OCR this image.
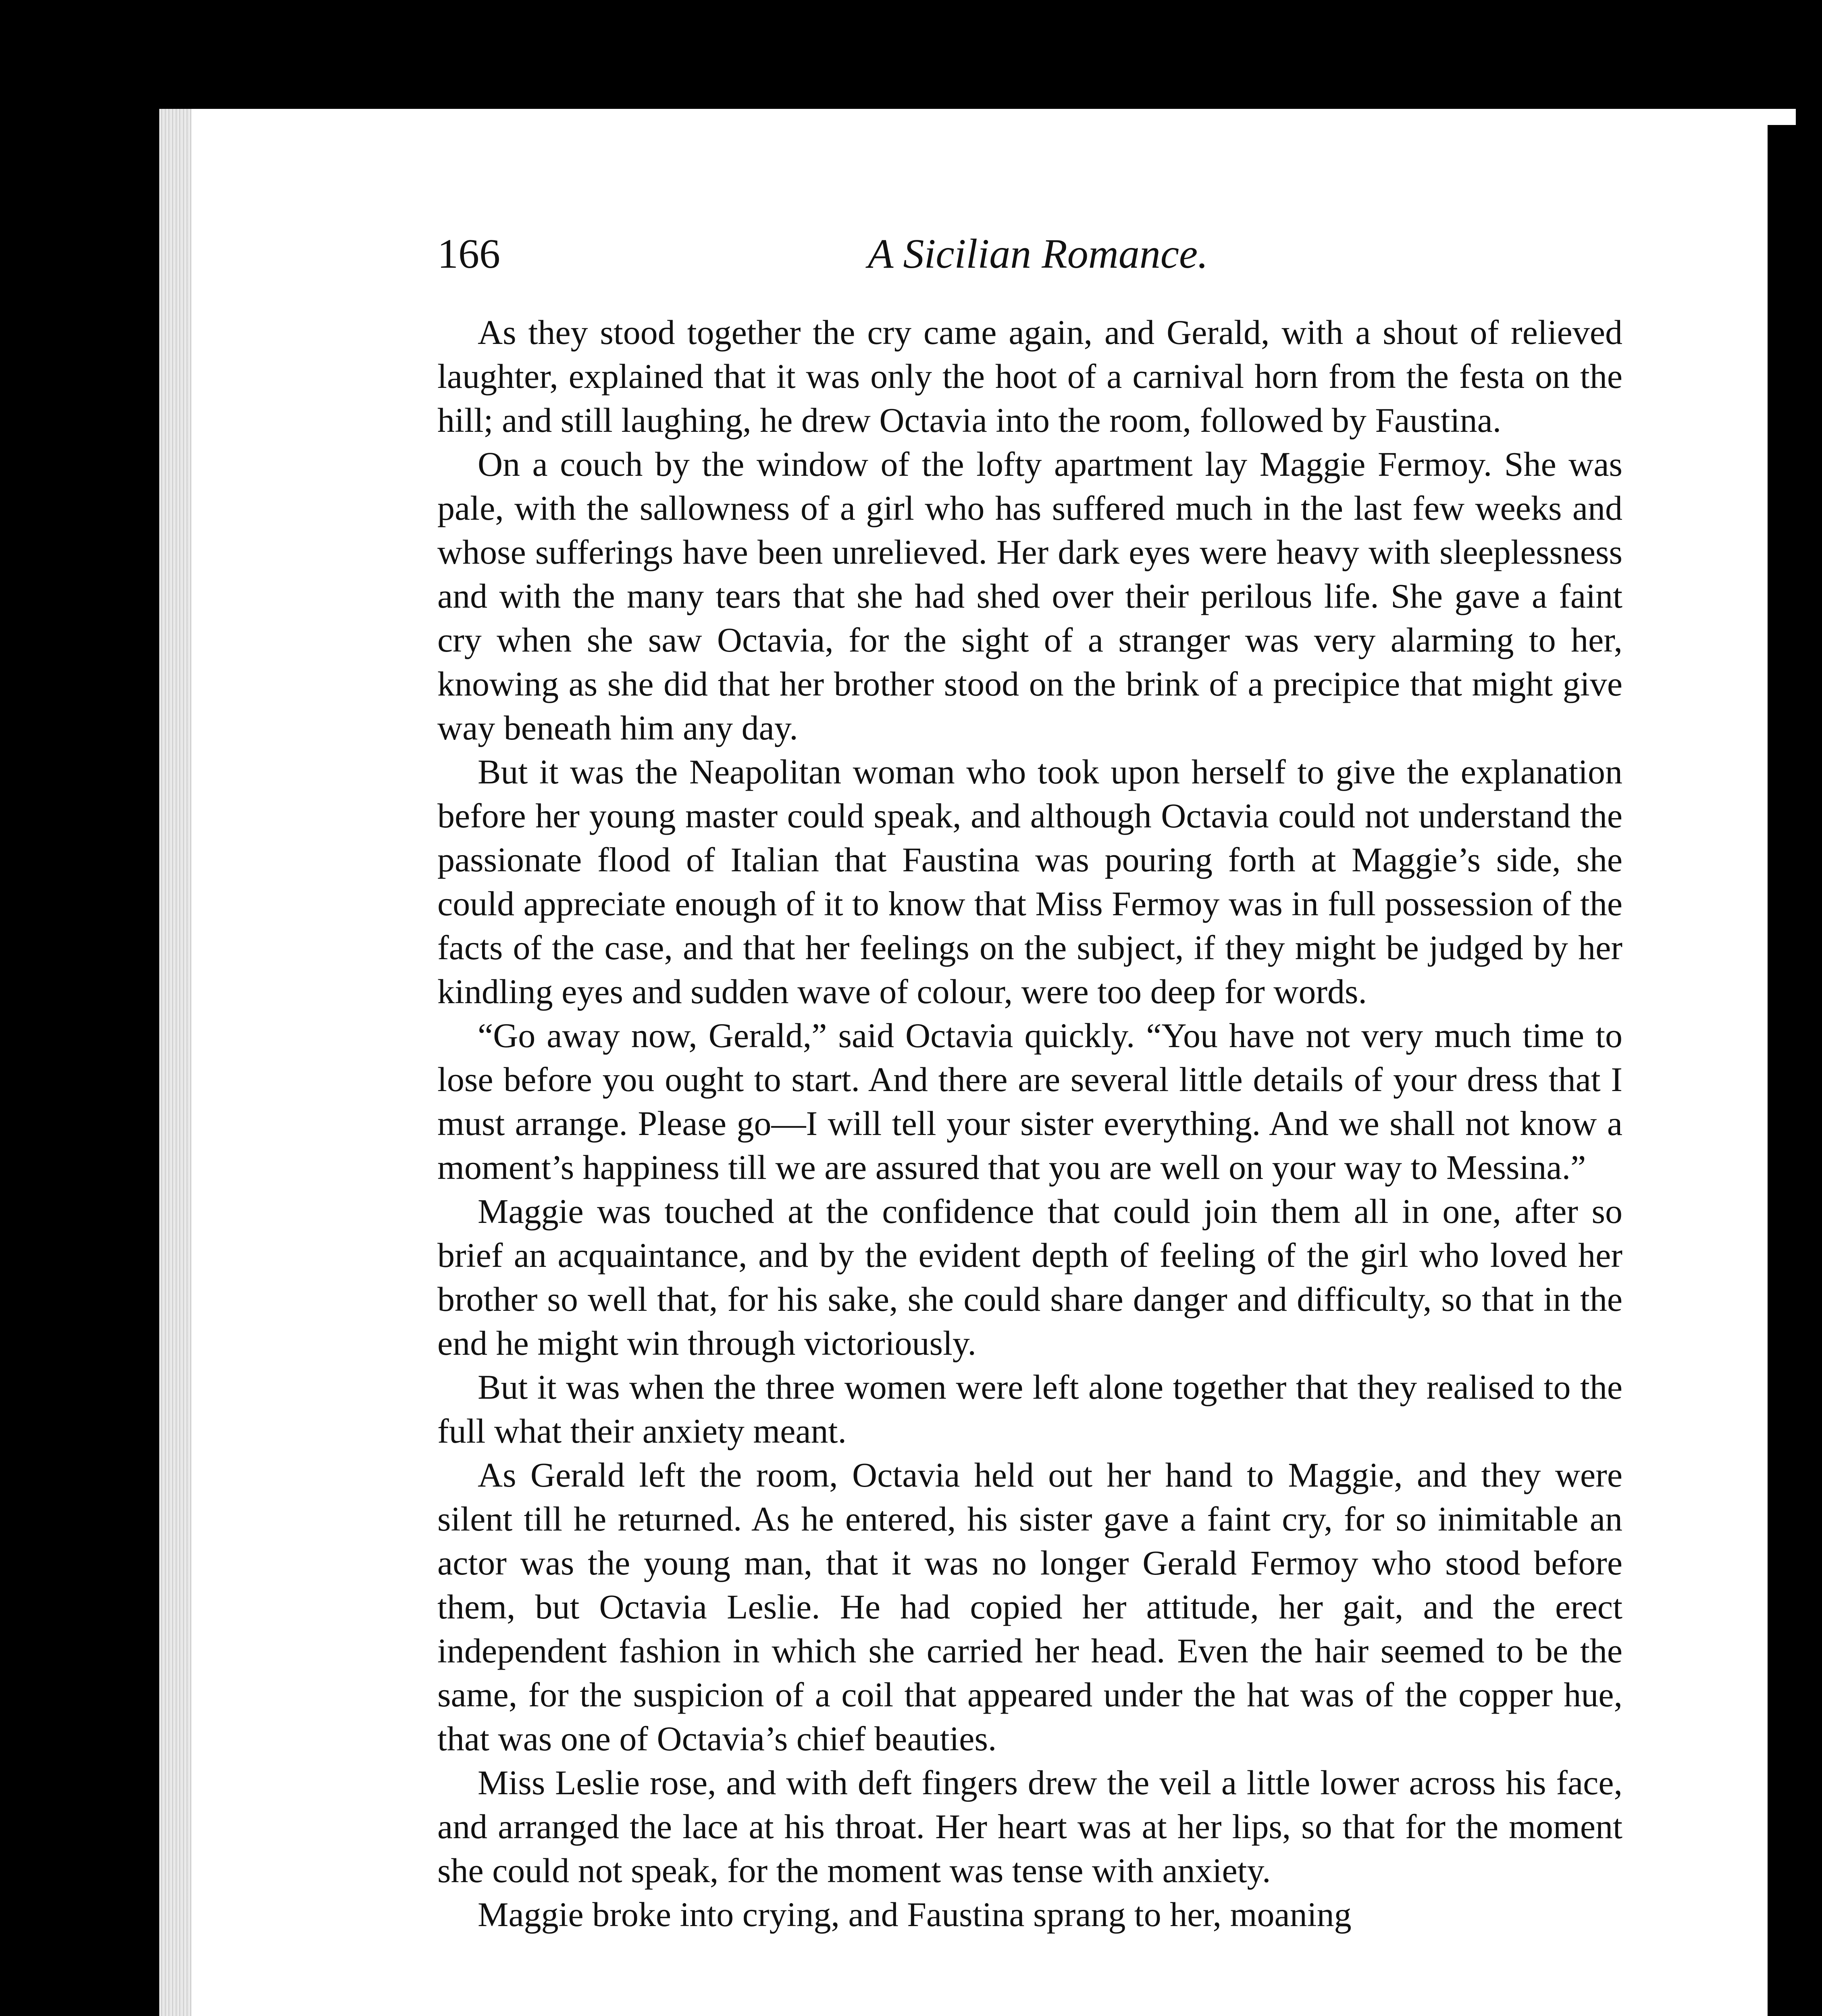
166	A Sicilian Romance.

As they stood together the cry came again, and Gerald, with a shout of relieved laughter, explained that it was only the hoot of a carnival horn from the festa on the hill; and still laughing, he drew Octavia into the room, followed by Faustina.

On a couch by the window of the lofty apartment lay Maggie Fermoy. She was pale, with the sallowness of a girl who has suffered much in the last few weeks and whose sufferings have been unrelieved. Her dark eyes were heavy with sleeplessness and with the many tears that she had shed over their perilous life. She gave a faint cry when she saw Octavia, for the sight of a stranger was very alarming to her, knowing as she did that her brother stood on the brink of a precipice that might give way beneath him any day.

But it was the Neapolitan woman who took upon herself to give the explanation before her young master could speak, and although Octavia could not understand the passionate flood of Italian that Faustina was pouring forth at Maggie’s side, she could appreciate enough of it to know that Miss Fermoy was in full possession of the facts of the case, and that her feelings on the subject, if they might be judged by her kindling eyes and sudden wave of colour, were too deep for words.

“Go away now, Gerald,” said Octavia quickly. “You have not very much time to lose before you ought to start. And there are several little details of your dress that I must arrange. Please go—I will tell your sister everything. And we shall not know a moment’s happiness till we are assured that you are well on your way to Messina.”

Maggie was touched at the confidence that could join them all in one, after so brief an acquaintance, and by the evident depth of feeling of the girl who loved her brother so well that, for his sake, she could share danger and difficulty, so that in the end he might win through victoriously.

But it was when the three women were left alone together that they realised to the full what their anxiety meant.

As Gerald left the room, Octavia held out her hand to Maggie, and they were silent till he returned. As he entered, his sister gave a faint cry, for so inimitable an actor was the young man, that it was no longer Gerald Fermoy who stood before them, but Octavia Leslie. He had copied her attitude, her gait, and the erect independent fashion in which she carried her head. Even the hair seemed to be the same, for the suspicion of a coil that appeared under the hat was of the copper hue, that was one of Octavia’s chief beauties.

Miss Leslie rose, and with deft fingers drew the veil a little lower across his face, and arranged the lace at his throat. Her heart was at her lips, so that for the moment she could not speak, for the moment was tense with anxiety.

Maggie broke into crying, and Faustina sprang to her, moaning
